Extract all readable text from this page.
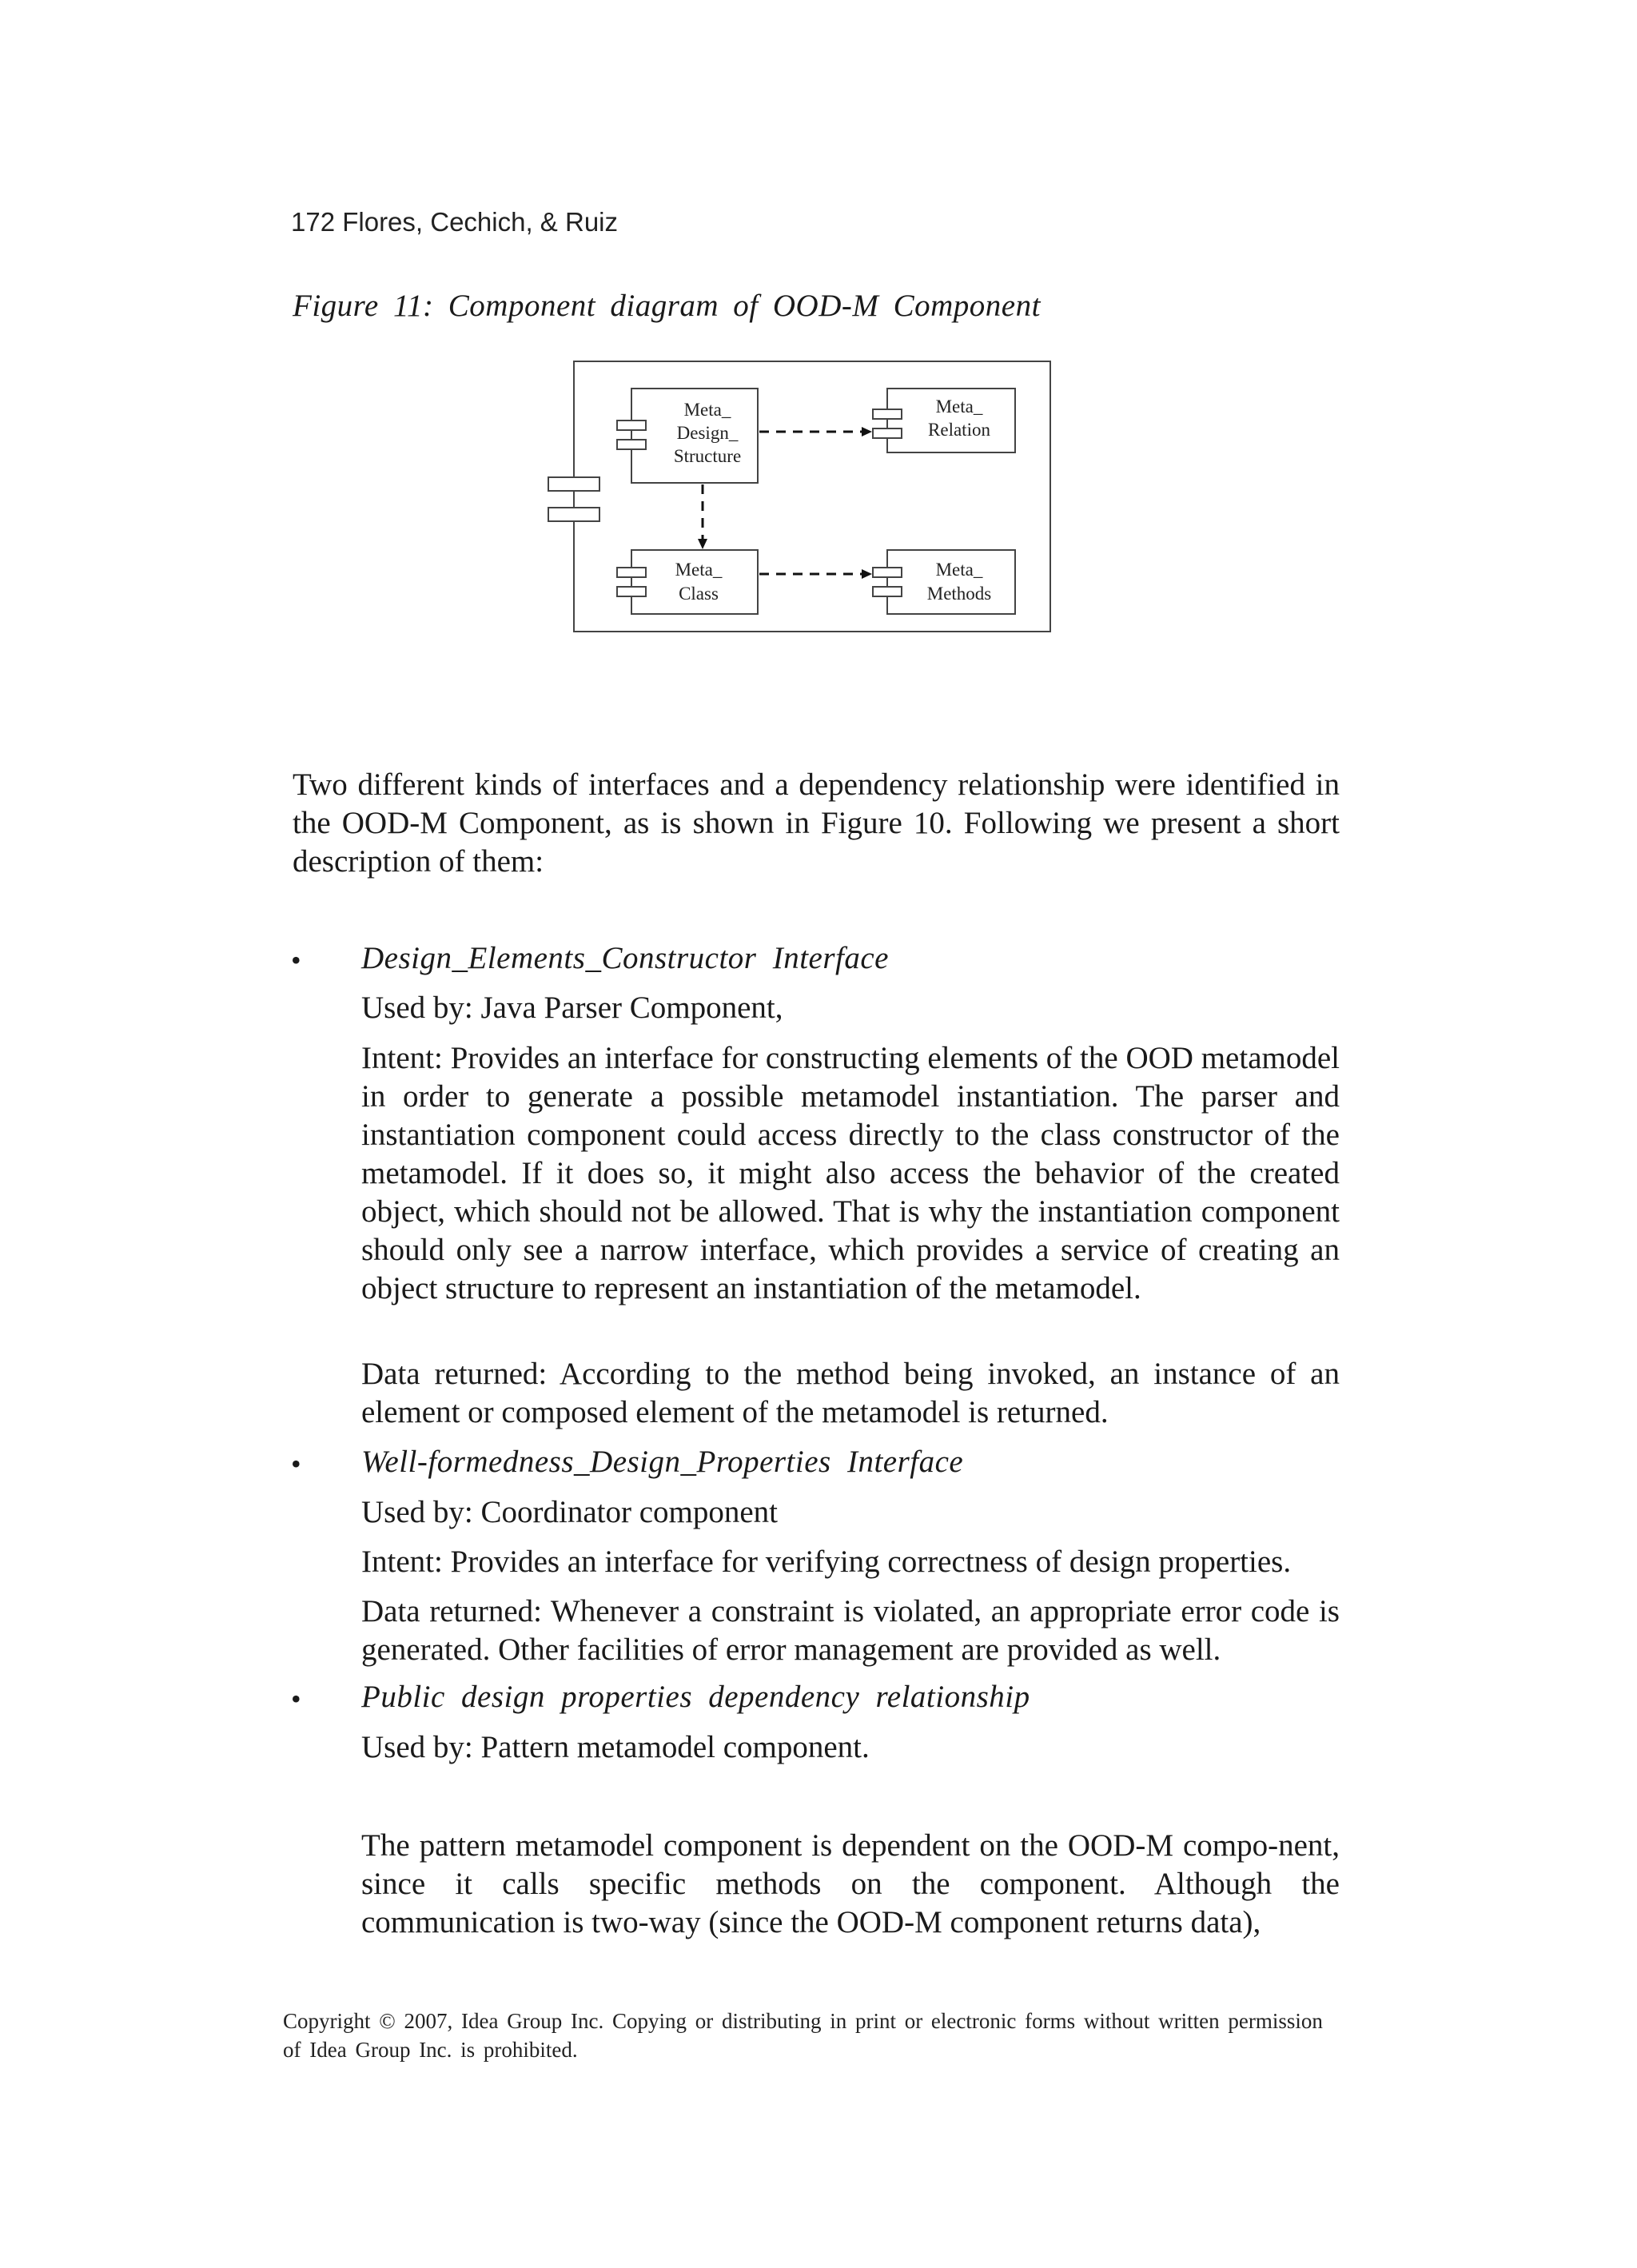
172 Flores, Cechich, & Ruiz
Figure 11: Component diagram of OOD-M Component
Meta_
Design_
Structure
Meta_
Relation
Meta_
Class
Meta_
Methods
Two different kinds of interfaces and a dependency relationship were identified in the OOD-M Component, as is shown in Figure 10. Following we present a short description of them:
• Design_Elements_Constructor Interface
Used by: Java Parser Component,
Intent: Provides an interface for constructing elements of the OOD metamodel in order to generate a possible metamodel instantiation. The parser and instantiation component could access directly to the class constructor of the metamodel. If it does so, it might also access the behavior of the created object, which should not be allowed. That is why the instantiation component should only see a narrow interface, which provides a service of creating an object structure to represent an instantiation of the metamodel.
Data returned: According to the method being invoked, an instance of an element or composed element of the metamodel is returned.
• Well-formedness_Design_Properties Interface
Used by: Coordinator component
Intent: Provides an interface for verifying correctness of design properties.
Data returned: Whenever a constraint is violated, an appropriate error code is generated. Other facilities of error management are provided as well.
• Public design properties dependency relationship
Used by: Pattern metamodel component.
The pattern metamodel component is dependent on the OOD-M compo-nent, since it calls specific methods on the component. Although the communication is two-way (since the OOD-M component returns data),
Copyright © 2007, Idea Group Inc. Copying or distributing in print or electronic forms without written permission of Idea Group Inc. is prohibited.
